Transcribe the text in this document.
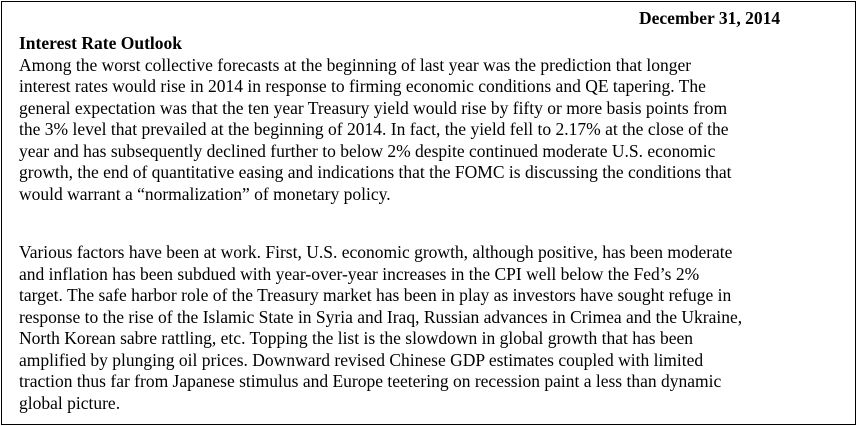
December 31, 2014
Interest Rate Outlook
Among the worst collective forecasts at the beginning of last year was the prediction that longer
interest rates would rise in 2014 in response to firming economic conditions and QE tapering. The
general expectation was that the ten year Treasury yield would rise by fifty or more basis points from
the 3% level that prevailed at the beginning of 2014. In fact, the yield fell to 2.17% at the close of the
year and has subsequently declined further to below 2% despite continued moderate U.S. economic
growth, the end of quantitative easing and indications that the FOMC is discussing the conditions that
would warrant a “normalization” of monetary policy.
Various factors have been at work. First, U.S. economic growth, although positive, has been moderate
and inflation has been subdued with year-over-year increases in the CPI well below the Fed’s 2%
target. The safe harbor role of the Treasury market has been in play as investors have sought refuge in
response to the rise of the Islamic State in Syria and Iraq, Russian advances in Crimea and the Ukraine,
North Korean sabre rattling, etc. Topping the list is the slowdown in global growth that has been
amplified by plunging oil prices. Downward revised Chinese GDP estimates coupled with limited
traction thus far from Japanese stimulus and Europe teetering on recession paint a less than dynamic
global picture.
